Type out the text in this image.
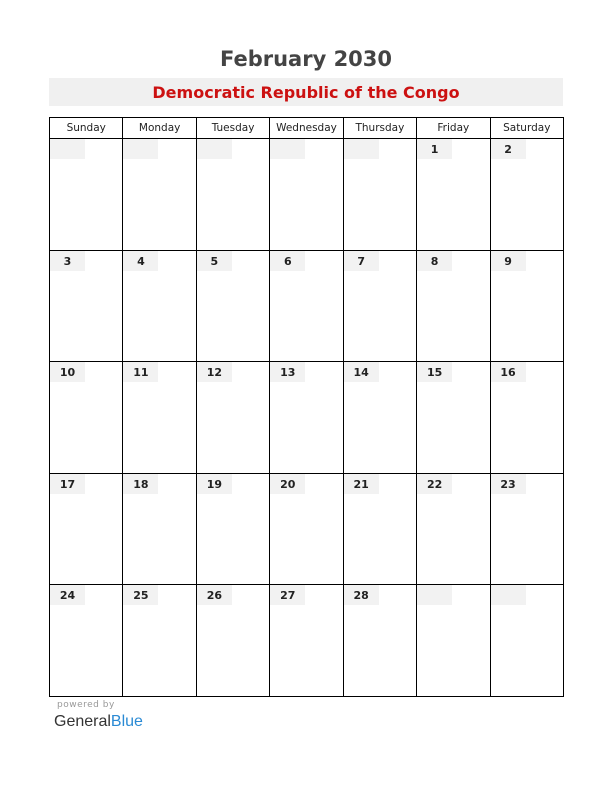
February 2030
Democratic Republic of the Congo
Sunday	Monday	Tuesday	Wednesday	Thursday	Friday	Saturday

					1	2

3	4	5	6	7	8	9

10	11	12	13	14	15	16

17	18	19	20	21	22	23

24	25	26	27	28		

powered by
GeneralBlue
